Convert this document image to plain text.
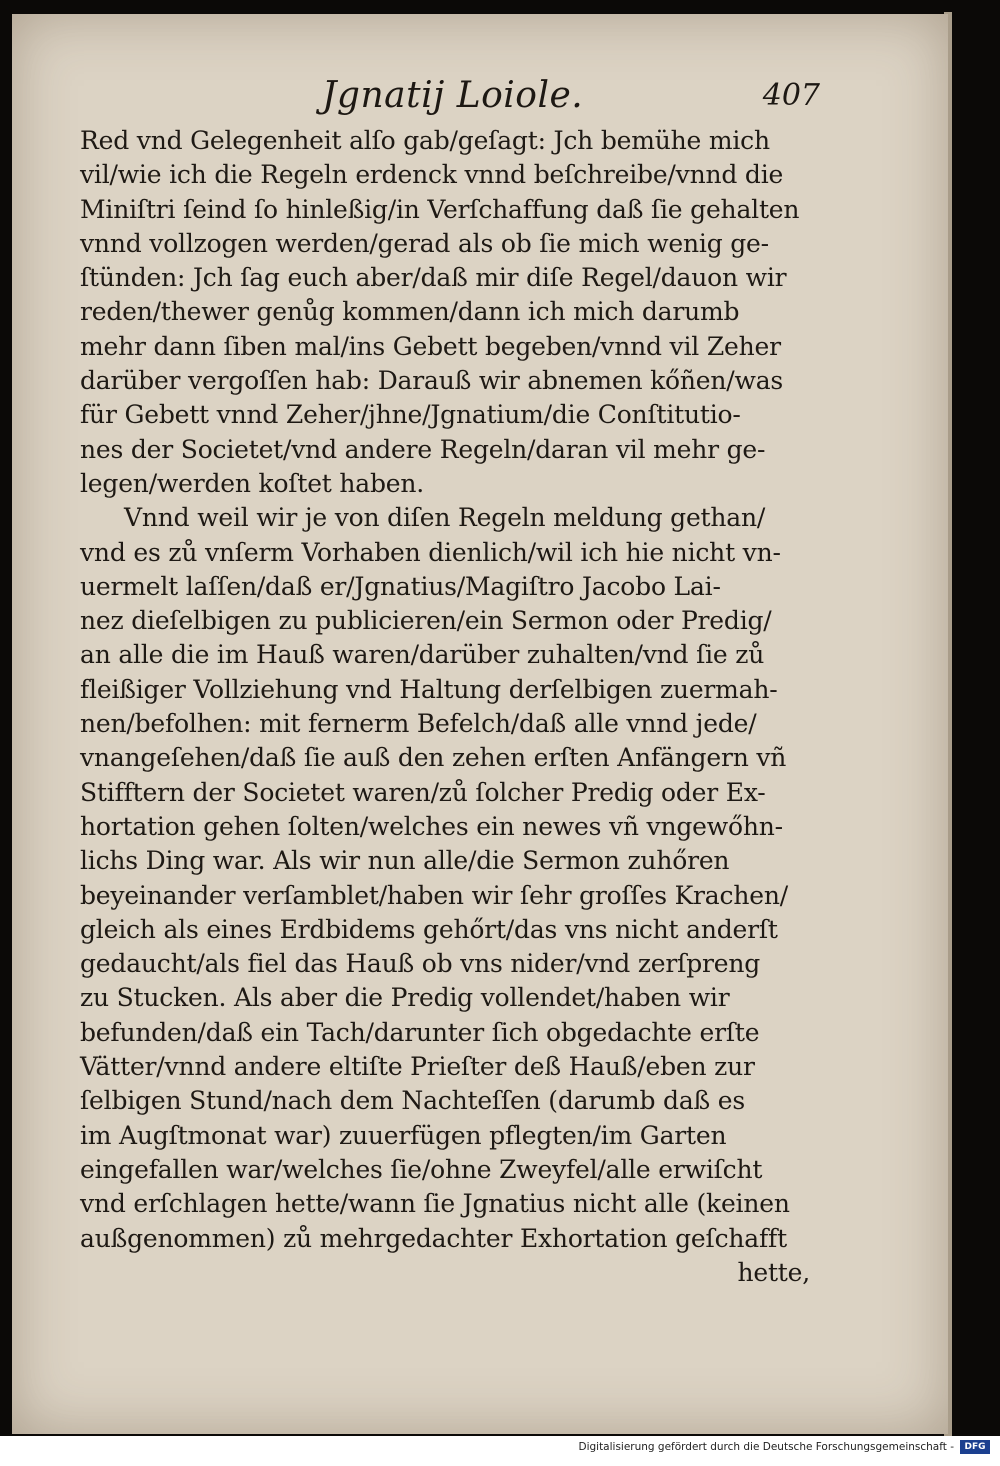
Jgnatij Loiole.	407
Red vnd Gelegenheit alſo gab/geſagt: Jch bemühe mich
vil/wie ich die Regeln erdenck vnnd beſchreibe/vnnd die
Miniſtri ſeind ſo hinleßig/in Verſchaffung daß ſie gehalten
vnnd vollzogen werden/gerad als ob ſie mich wenig ge-
ſtünden: Jch ſag euch aber/daß mir diſe Regel/dauon wir
reden/thewer genůg kommen/dann ich mich darumb
mehr dann ſiben mal/ins Gebett begeben/vnnd vil Zeher
darüber vergoſſen hab: Darauß wir abnemen kőñen/was
für Gebett vnnd Zeher/jhne/Jgnatium/die Conſtitutio-
nes der Societet/vnd andere Regeln/daran vil mehr ge-
legen/werden koſtet haben.
Vnnd weil wir je von diſen Regeln meldung gethan/
vnd es zů vnſerm Vorhaben dienlich/wil ich hie nicht vn-
uermelt laſſen/daß er/Jgnatius/Magiſtro Jacobo Lai-
nez dieſelbigen zu publicieren/ein Sermon oder Predig/
an alle die im Hauß waren/darüber zuhalten/vnd ſie zů
fleißiger Vollziehung vnd Haltung derſelbigen zuermah-
nen/befolhen: mit fernerm Befelch/daß alle vnnd jede/
vnangeſehen/daß ſie auß den zehen erſten Anfängern vñ
Stifftern der Societet waren/zů ſolcher Predig oder Ex-
hortation gehen ſolten/welches ein newes vñ vngewőhn-
lichs Ding war. Als wir nun alle/die Sermon zuhőren
beyeinander verſamblet/haben wir ſehr groſſes Krachen/
gleich als eines Erdbidems gehőrt/das vns nicht anderſt
gedaucht/als fiel das Hauß ob vns nider/vnd zerſpreng
zu Stucken. Als aber die Predig vollendet/haben wir
befunden/daß ein Tach/darunter ſich obgedachte erſte
Vätter/vnnd andere eltiſte Prieſter deß Hauß/eben zur
ſelbigen Stund/nach dem Nachteſſen (darumb daß es
im Augſtmonat war) zuuerfügen pflegten/im Garten
eingefallen war/welches ſie/ohne Zweyfel/alle erwiſcht
vnd erſchlagen hette/wann ſie Jgnatius nicht alle (keinen
außgenommen) zů mehrgedachter Exhortation geſchafft
hette,
Digitalisierung gefördert durch die Deutsche Forschungsgemeinschaft -	DFG
